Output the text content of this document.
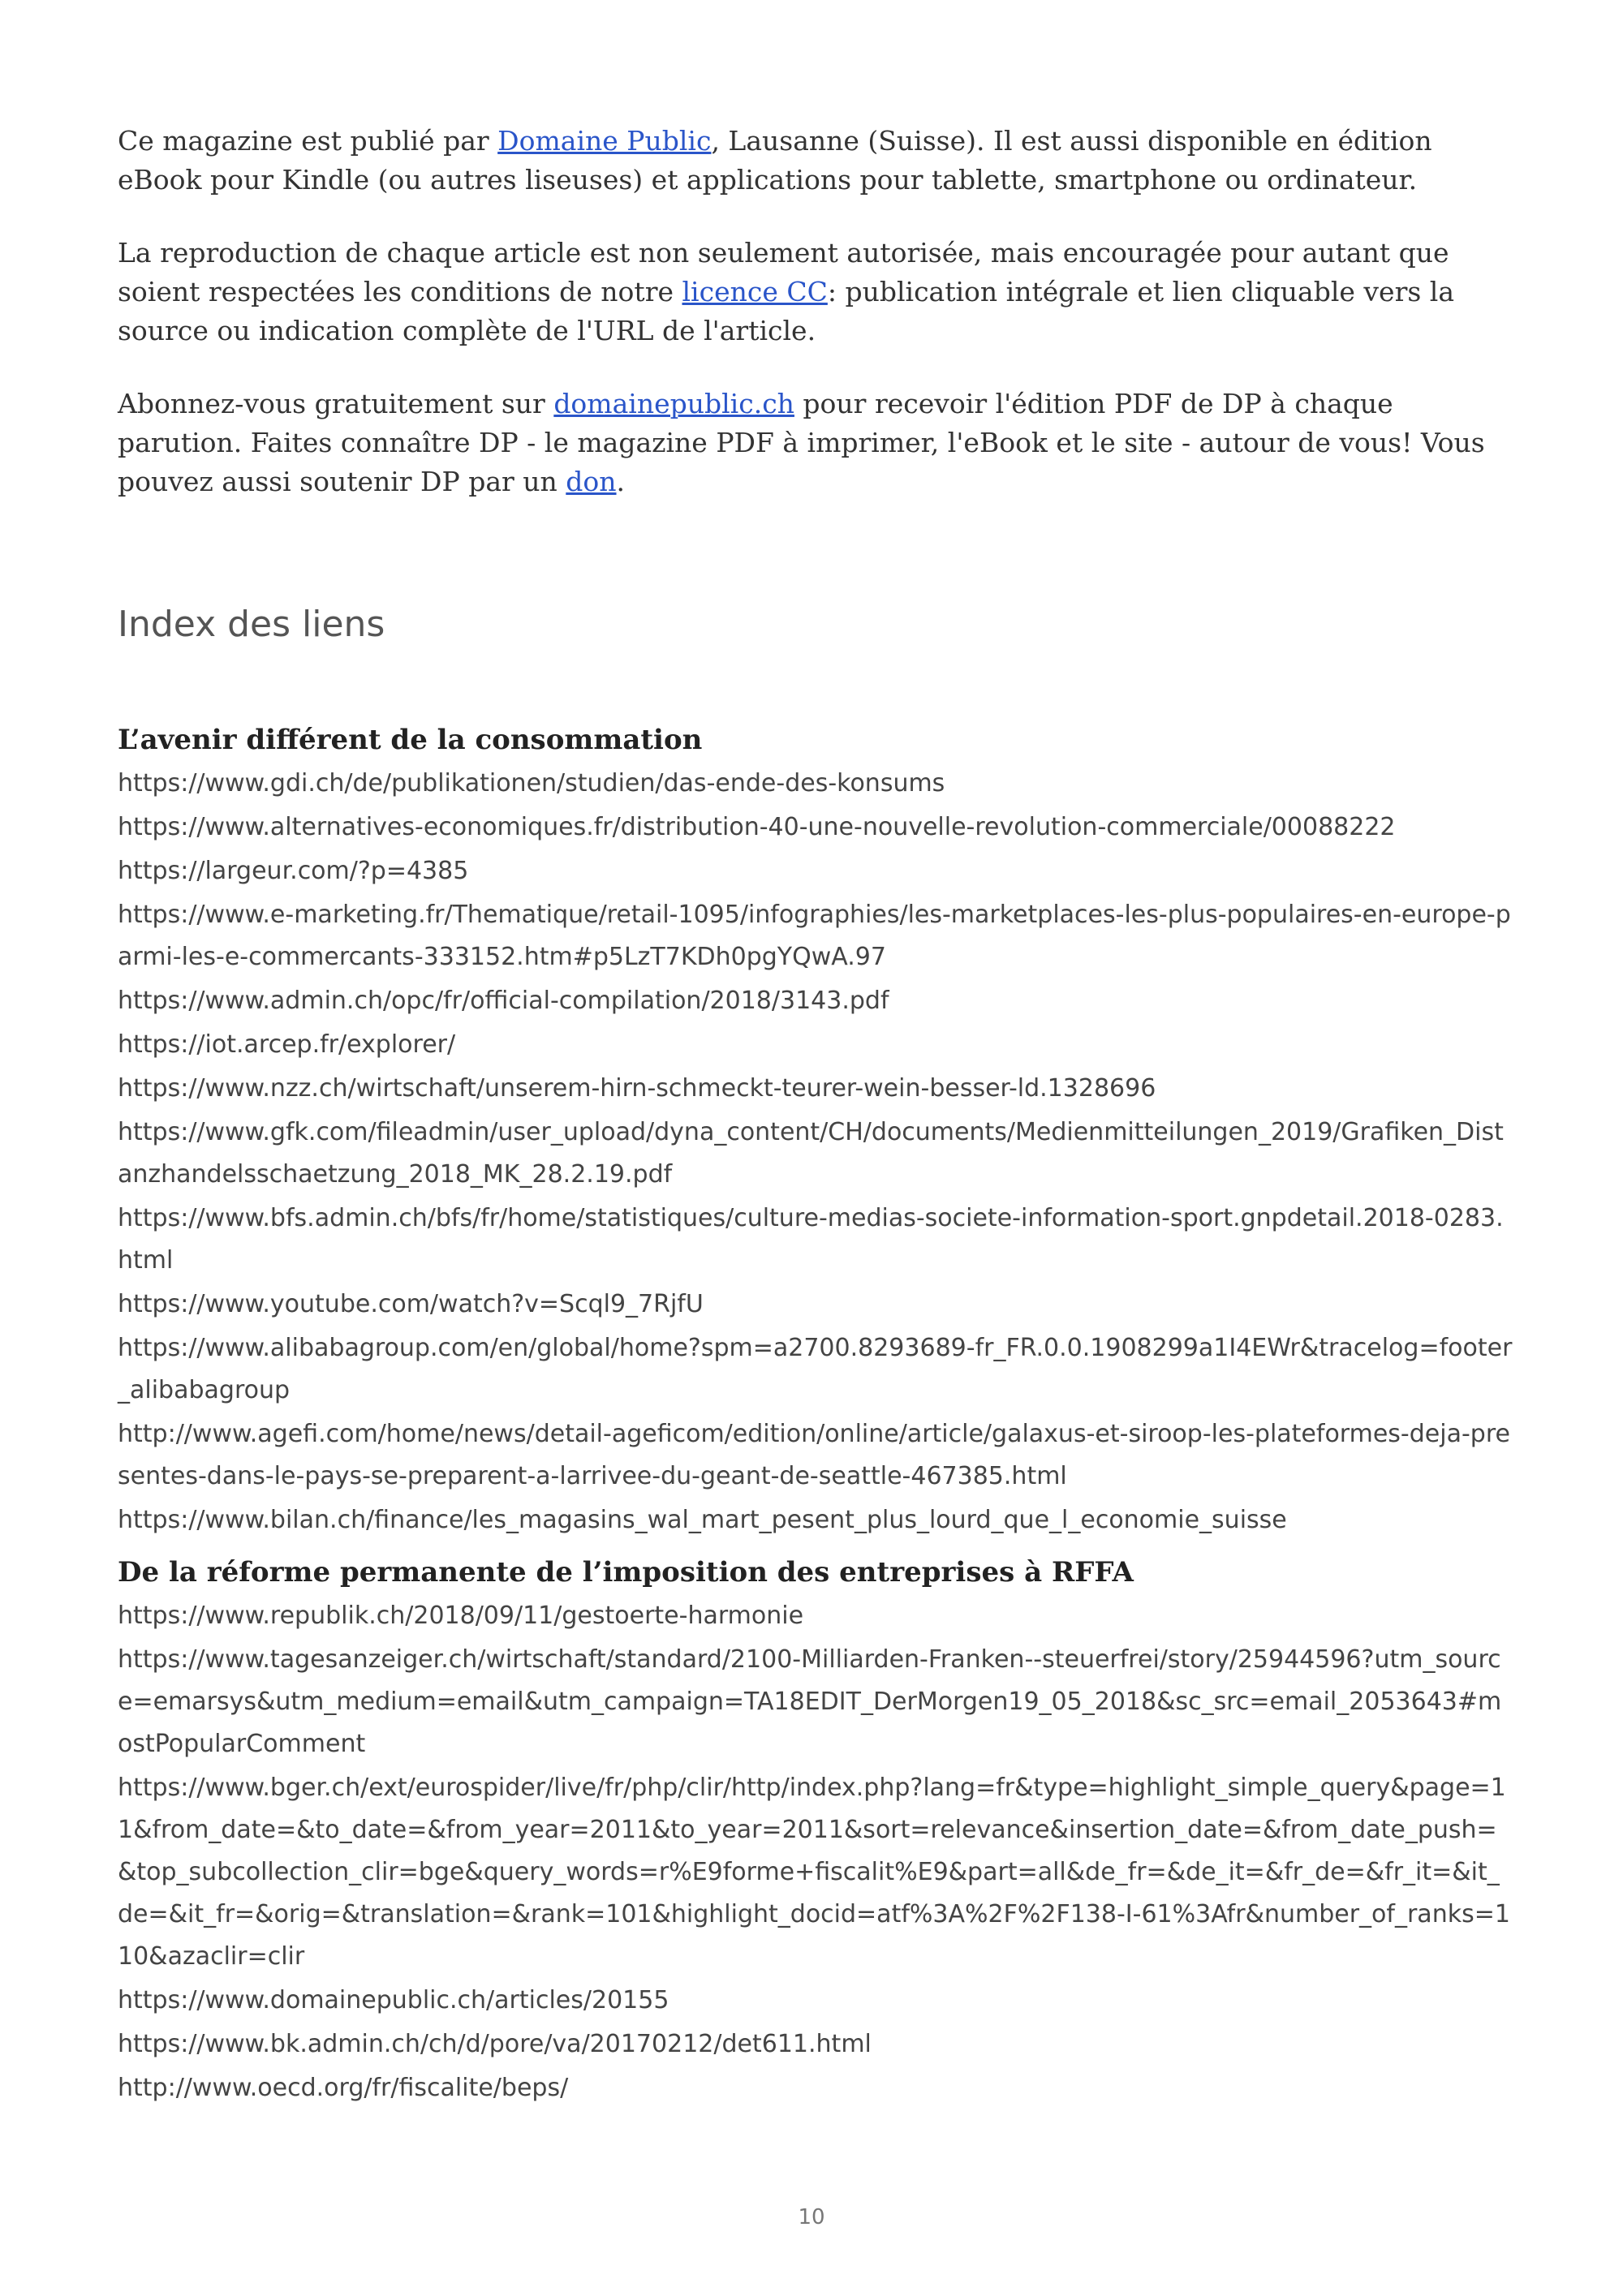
Ce magazine est publié par Domaine Public, Lausanne (Suisse). Il est aussi disponible en édition eBook pour Kindle (ou autres liseuses) et applications pour tablette, smartphone ou ordinateur.

La reproduction de chaque article est non seulement autorisée, mais encouragée pour autant que soient respectées les conditions de notre licence CC: publication intégrale et lien cliquable vers la source ou indication complète de l'URL de l'article.

Abonnez-vous gratuitement sur domainepublic.ch pour recevoir l'édition PDF de DP à chaque parution. Faites connaître DP - le magazine PDF à imprimer, l'eBook et le site - autour de vous! Vous pouvez aussi soutenir DP par un don.

Index des liens
L’avenir différent de la consommation
https://www.gdi.ch/de/publikationen/studien/das-ende-des-konsums
https://www.alternatives-economiques.fr/distribution-40-une-nouvelle-revolution-commerciale/00088222
https://largeur.com/?p=4385
https://www.e-marketing.fr/Thematique/retail-1095/infographies/les-marketplaces-les-plus-populaires-en-europe-parmi-les-e-commercants-333152.htm#p5LzT7KDh0pgYQwA.97
https://www.admin.ch/opc/fr/official-compilation/2018/3143.pdf
https://iot.arcep.fr/explorer/
https://www.nzz.ch/wirtschaft/unserem-hirn-schmeckt-teurer-wein-besser-ld.1328696
https://www.gfk.com/fileadmin/user_upload/dyna_content/CH/documents/Medienmitteilungen_2019/Grafiken_Distanzhandelsschaetzung_2018_MK_28.2.19.pdf
https://www.bfs.admin.ch/bfs/fr/home/statistiques/culture-medias-societe-information-sport.gnpdetail.2018-0283.html
https://www.youtube.com/watch?v=Scql9_7RjfU
https://www.alibabagroup.com/en/global/home?spm=a2700.8293689-fr_FR.0.0.1908299a1I4EWr&tracelog=footer_alibabagroup
http://www.agefi.com/home/news/detail-ageficom/edition/online/article/galaxus-et-siroop-les-plateformes-deja-presentes-dans-le-pays-se-preparent-a-larrivee-du-geant-de-seattle-467385.html
https://www.bilan.ch/finance/les_magasins_wal_mart_pesent_plus_lourd_que_l_economie_suisse
De la réforme permanente de l’imposition des entreprises à RFFA
https://www.republik.ch/2018/09/11/gestoerte-harmonie
https://www.tagesanzeiger.ch/wirtschaft/standard/2100-Milliarden-Franken--steuerfrei/story/25944596?utm_source=emarsys&utm_medium=email&utm_campaign=TA18EDIT_DerMorgen19_05_2018&sc_src=email_2053643#mostPopularComment
https://www.bger.ch/ext/eurospider/live/fr/php/clir/http/index.php?lang=fr&type=highlight_simple_query&page=11&from_date=&to_date=&from_year=2011&to_year=2011&sort=relevance&insertion_date=&from_date_push=&top_subcollection_clir=bge&query_words=r%E9forme+fiscalit%E9&part=all&de_fr=&de_it=&fr_de=&fr_it=&it_de=&it_fr=&orig=&translation=&rank=101&highlight_docid=atf%3A%2F%2F138-I-61%3Afr&number_of_ranks=110&azaclir=clir
https://www.domainepublic.ch/articles/20155
https://www.bk.admin.ch/ch/d/pore/va/20170212/det611.html
http://www.oecd.org/fr/fiscalite/beps/
10
